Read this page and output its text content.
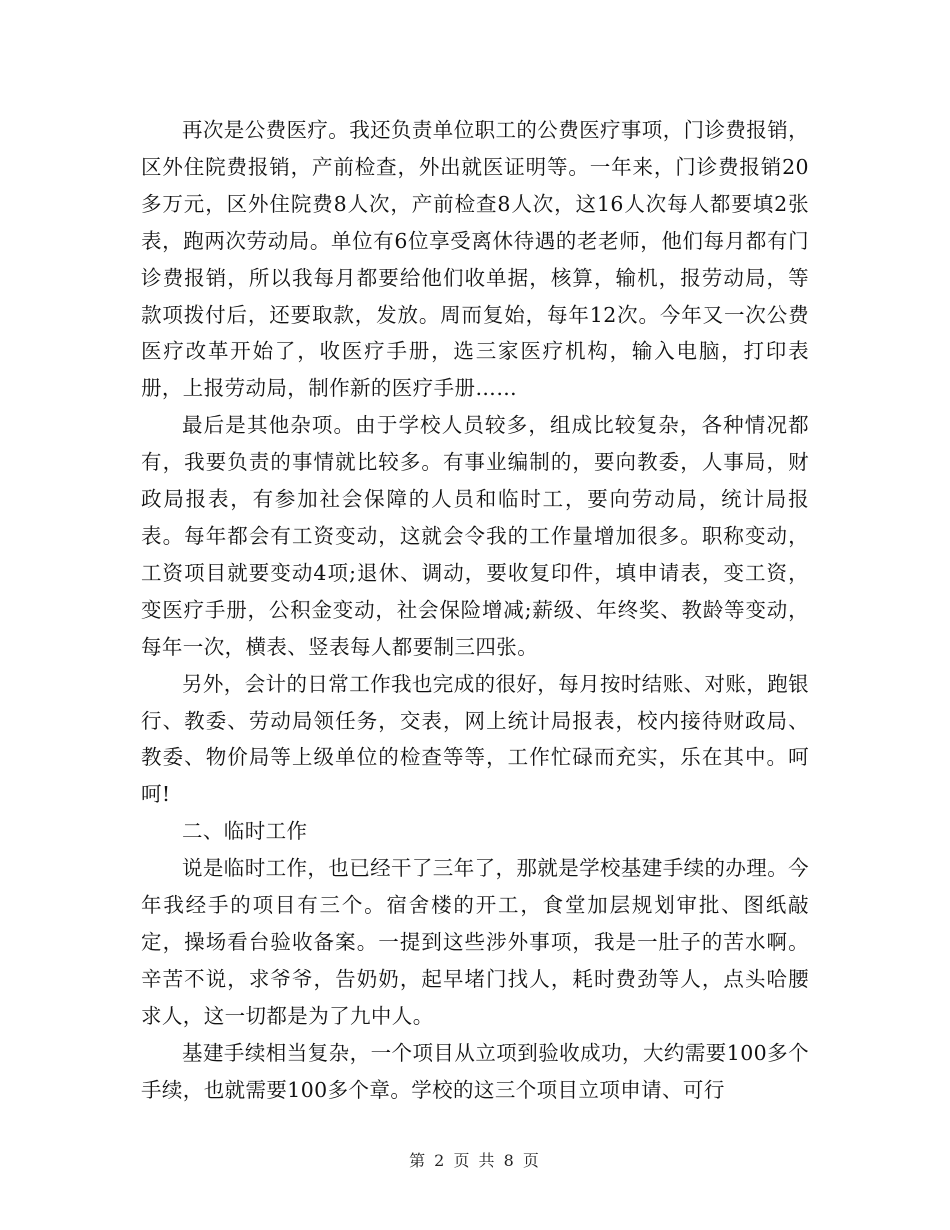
再次是公费医疗。我还负责单位职工的公费医疗事项，门诊费报销，区外住院费报销，产前检查，外出就医证明等。一年来，门诊费报销20多万元，区外住院费8人次，产前检查8人次，这16人次每人都要填2张表，跑两次劳动局。单位有6位享受离休待遇的老老师，他们每月都有门诊费报销，所以我每月都要给他们收单据，核算，输机，报劳动局，等款项拨付后，还要取款，发放。周而复始，每年12次。今年又一次公费医疗改革开始了，收医疗手册，选三家医疗机构，输入电脑，打印表册，上报劳动局，制作新的医疗手册……

最后是其他杂项。由于学校人员较多，组成比较复杂，各种情况都有，我要负责的事情就比较多。有事业编制的，要向教委，人事局，财政局报表，有参加社会保障的人员和临时工，要向劳动局，统计局报表。每年都会有工资变动，这就会令我的工作量增加很多。职称变动，工资项目就要变动4项;退休、调动，要收复印件，填申请表，变工资，变医疗手册，公积金变动，社会保险增减;薪级、年终奖、教龄等变动，每年一次，横表、竖表每人都要制三四张。

另外，会计的日常工作我也完成的很好，每月按时结账、对账，跑银行、教委、劳动局领任务，交表，网上统计局报表，校内接待财政局、教委、物价局等上级单位的检查等等，工作忙碌而充实，乐在其中。呵呵!

二、临时工作

说是临时工作，也已经干了三年了，那就是学校基建手续的办理。今年我经手的项目有三个。宿舍楼的开工，食堂加层规划审批、图纸敲定，操场看台验收备案。一提到这些涉外事项，我是一肚子的苦水啊。辛苦不说，求爷爷，告奶奶，起早堵门找人，耗时费劲等人，点头哈腰求人，这一切都是为了九中人。

基建手续相当复杂，一个项目从立项到验收成功，大约需要100多个手续，也就需要100多个章。学校的这三个项目立项申请、可行

第 2 页 共 8 页
